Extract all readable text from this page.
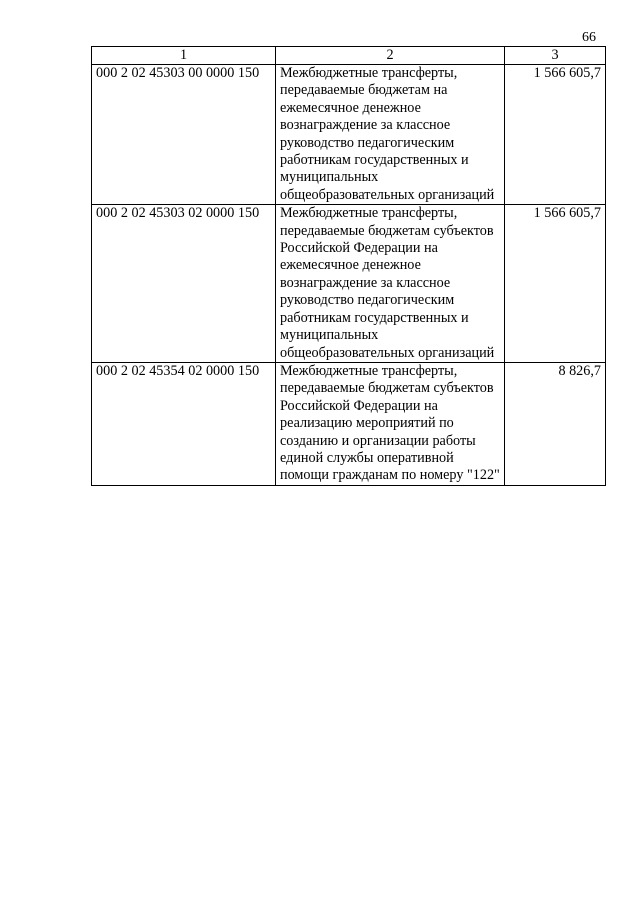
66
1	2	3
000 2 02 45303 00 0000 150	Межбюджетные трансферты, передаваемые бюджетам на ежемесячное денежное вознаграждение за классное руководство педагогическим работникам государственных и муниципальных общеобразовательных организаций	1 566 605,7
000 2 02 45303 02 0000 150	Межбюджетные трансферты, передаваемые бюджетам субъектов Российской Федерации на ежемесячное денежное вознаграждение за классное руководство педагогическим работникам государственных и муниципальных общеобразовательных организаций	1 566 605,7
000 2 02 45354 02 0000 150	Межбюджетные трансферты, передаваемые бюджетам субъектов Российской Федерации на реализацию мероприятий по созданию и организации работы единой службы оперативной помощи гражданам по номеру "122"	8 826,7
